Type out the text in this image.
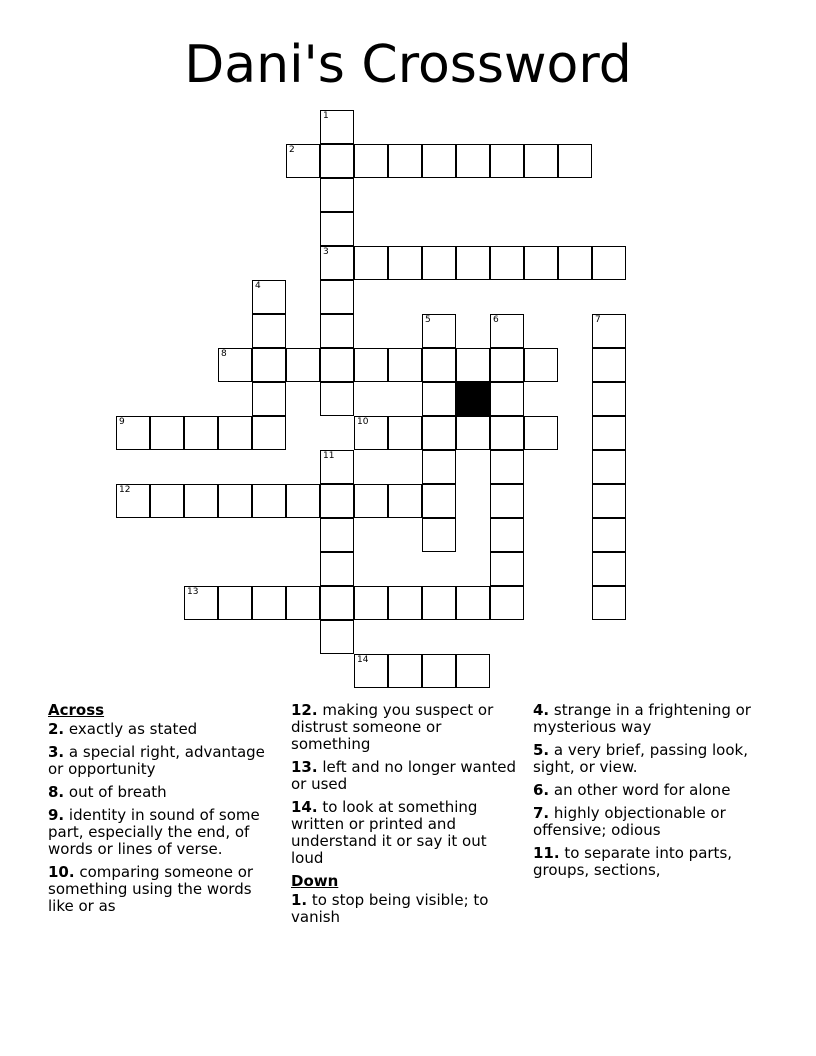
Dani's Crossword
1
2
3
4
5	6	7
8
9	10
11
12
13
14
Across
2. exactly as stated
3. a special right, advantage or opportunity
8. out of breath
9. identity in sound of some part, especially the end, of words or lines of verse.
10. comparing someone or something using the words like or as
12. making you suspect or distrust someone or something
13. left and no longer wanted or used
14. to look at something written or printed and understand it or say it out loud
Down
1. to stop being visible; to vanish
4. strange in a frightening or mysterious way
5. a very brief, passing look, sight, or view.
6. an other word for alone
7. highly objectionable or offensive; odious
11. to separate into parts, groups, sections,
